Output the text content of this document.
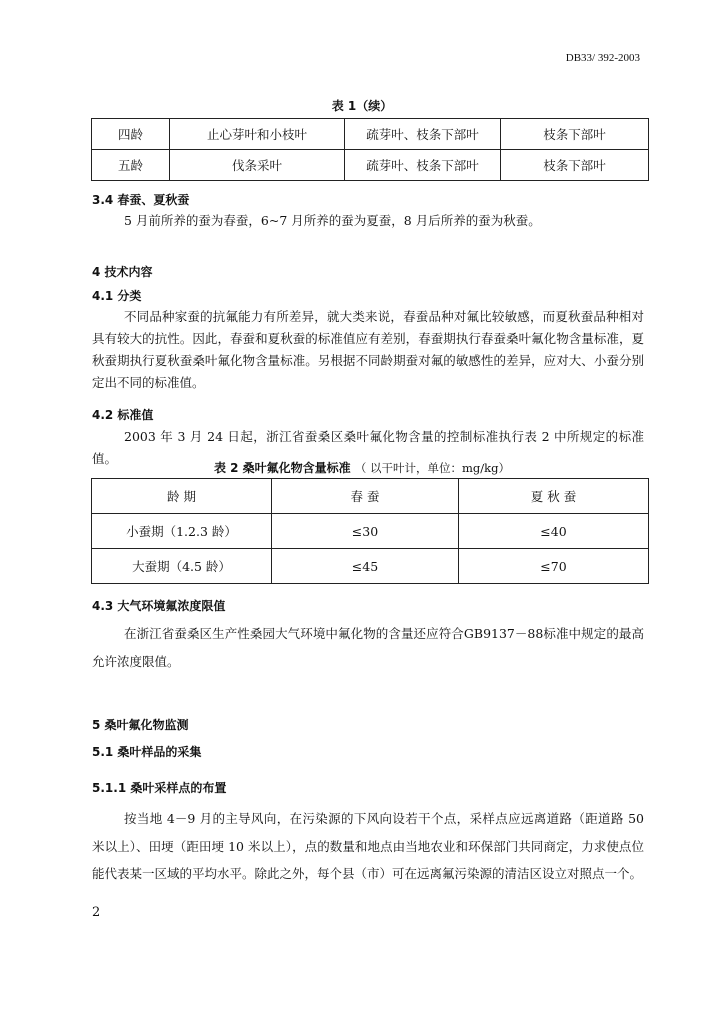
DB33/ 392-2003
表 1（续）
四龄	止心芽叶和小枝叶	疏芽叶、枝条下部叶	枝条下部叶
五龄	伐条采叶	疏芽叶、枝条下部叶	枝条下部叶
3.4 春蚕、夏秋蚕
5 月前所养的蚕为春蚕，6~7 月所养的蚕为夏蚕，8 月后所养的蚕为秋蚕。
4 技术内容
4.1 分类
不同品种家蚕的抗氟能力有所差异，就大类来说，春蚕品种对氟比较敏感，而夏秋蚕品种相对具有较大的抗性。因此，春蚕和夏秋蚕的标准值应有差别，春蚕期执行春蚕桑叶氟化物含量标准，夏秋蚕期执行夏秋蚕桑叶氟化物含量标准。另根据不同龄期蚕对氟的敏感性的差异，应对大、小蚕分别定出不同的标准值。
4.2 标准值
2003 年 3 月 24 日起，浙江省蚕桑区桑叶氟化物含量的控制标准执行表 2 中所规定的标准值。
表 2 桑叶氟化物含量标准 （ 以干叶计，单位：mg/kg）
龄 期	春 蚕	夏 秋 蚕
小蚕期（1.2.3 龄）	≤30	≤40
大蚕期（4.5 龄）	≤45	≤70
4.3 大气环境氟浓度限值
在浙江省蚕桑区生产性桑园大气环境中氟化物的含量还应符合GB9137－88标准中规定的最高允许浓度限值。
5 桑叶氟化物监测
5.1 桑叶样品的采集
5.1.1 桑叶采样点的布置
按当地 4－9 月的主导风向，在污染源的下风向设若干个点，采样点应远离道路（距道路 50 米以上）、田埂（距田埂 10 米以上），点的数量和地点由当地农业和环保部门共同商定，力求使点位能代表某一区域的平均水平。除此之外，每个县（市）可在远离氟污染源的清洁区设立对照点一个。
2
